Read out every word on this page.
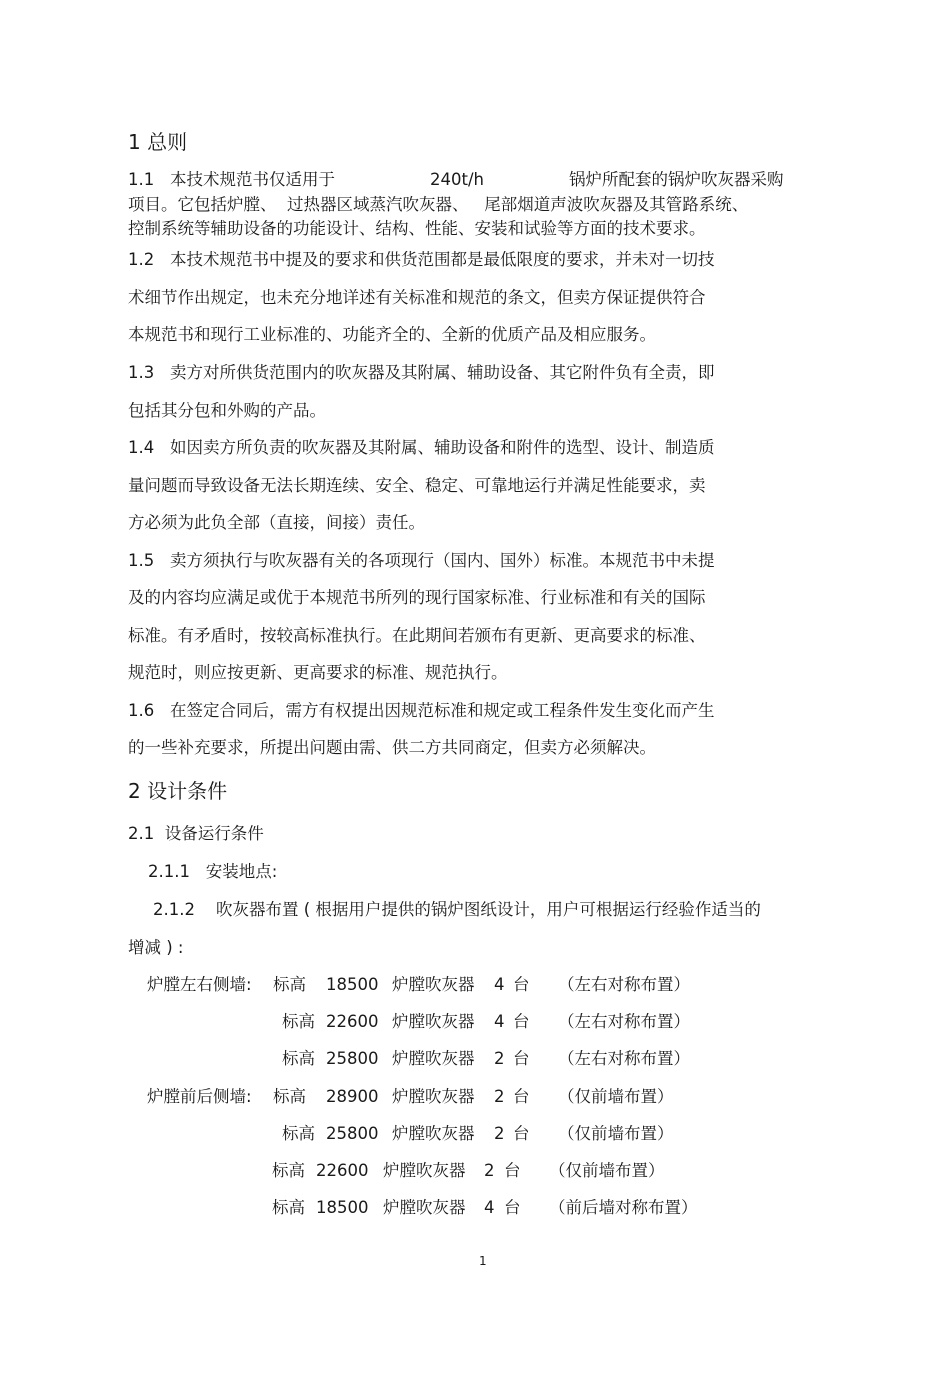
1 总则
1.1   本技术规范书仅适用于	240t/h	锅炉所配套的锅炉吹灰器采购
项目。它包括炉膛、  过热器区域蒸汽吹灰器、   尾部烟道声波吹灰器及其管路系统、
控制系统等辅助设备的功能设计、结构、性能、安装和试验等方面的技术要求。
1.2   本技术规范书中提及的要求和供货范围都是最低限度的要求，并未对一切技
术细节作出规定，也未充分地详述有关标准和规范的条文，但卖方保证提供符合
本规范书和现行工业标准的、功能齐全的、全新的优质产品及相应服务。
1.3   卖方对所供货范围内的吹灰器及其附属、辅助设备、其它附件负有全责，即
包括其分包和外购的产品。
1.4   如因卖方所负责的吹灰器及其附属、辅助设备和附件的选型、设计、制造质
量问题而导致设备无法长期连续、安全、稳定、可靠地运行并满足性能要求，卖
方必须为此负全部（直接，间接）责任。
1.5   卖方须执行与吹灰器有关的各项现行（国内、国外）标准。本规范书中未提
及的内容均应满足或优于本规范书所列的现行国家标准、行业标准和有关的国际
标准。有矛盾时，按较高标准执行。在此期间若颁布有更新、更高要求的标准、
规范时，则应按更新、更高要求的标准、规范执行。
1.6   在签定合同后，需方有权提出因规范标准和规定或工程条件发生变化而产生
的一些补充要求，所提出问题由需、供二方共同商定，但卖方必须解决。
2 设计条件
2.1  设备运行条件
2.1.1   安装地点:
2.1.2    吹灰器布置 ( 根据用户提供的锅炉图纸设计，用户可根据运行经验作适当的
增减 ) :

炉膛左右侧墙:

标高

18500

炉膛吹灰器

4

台

（左右对称布置）

标高

22600

炉膛吹灰器

4

台

（左右对称布置）

标高

25800

炉膛吹灰器

2

台

（左右对称布置）

炉膛前后侧墙:

标高

28900

炉膛吹灰器

2

台

（仅前墙布置）

标高

25800

炉膛吹灰器

2

台

（仅前墙布置）

标高

22600

炉膛吹灰器

2

台

（仅前墙布置）

标高

18500

炉膛吹灰器

4

台

（前后墙对称布置）

1
